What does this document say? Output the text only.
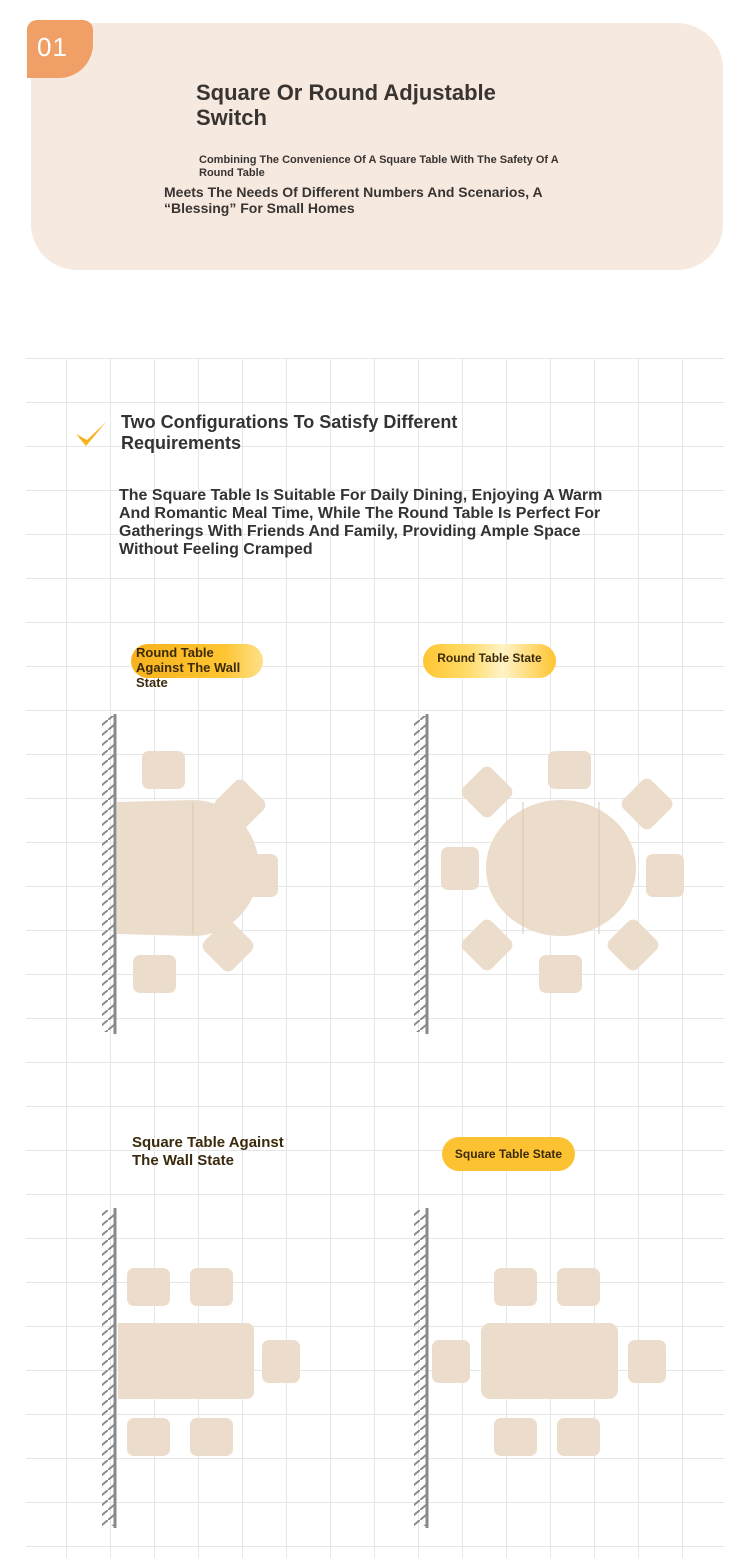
01
Square Or Round Adjustable Switch
Combining The Convenience Of A Square Table With The Safety Of A Round Table
Meets The Needs Of Different Numbers And Scenarios, A “Blessing” For Small Homes
Two Configurations To Satisfy Different Requirements
The Square Table Is Suitable For Daily Dining, Enjoying A Warm And Romantic Meal Time, While The Round Table Is Perfect For Gatherings With Friends And Family, Providing Ample Space Without Feeling Cramped
Round Table Against The Wall State
Round Table State
Square Table Against The Wall State	Square Table State
